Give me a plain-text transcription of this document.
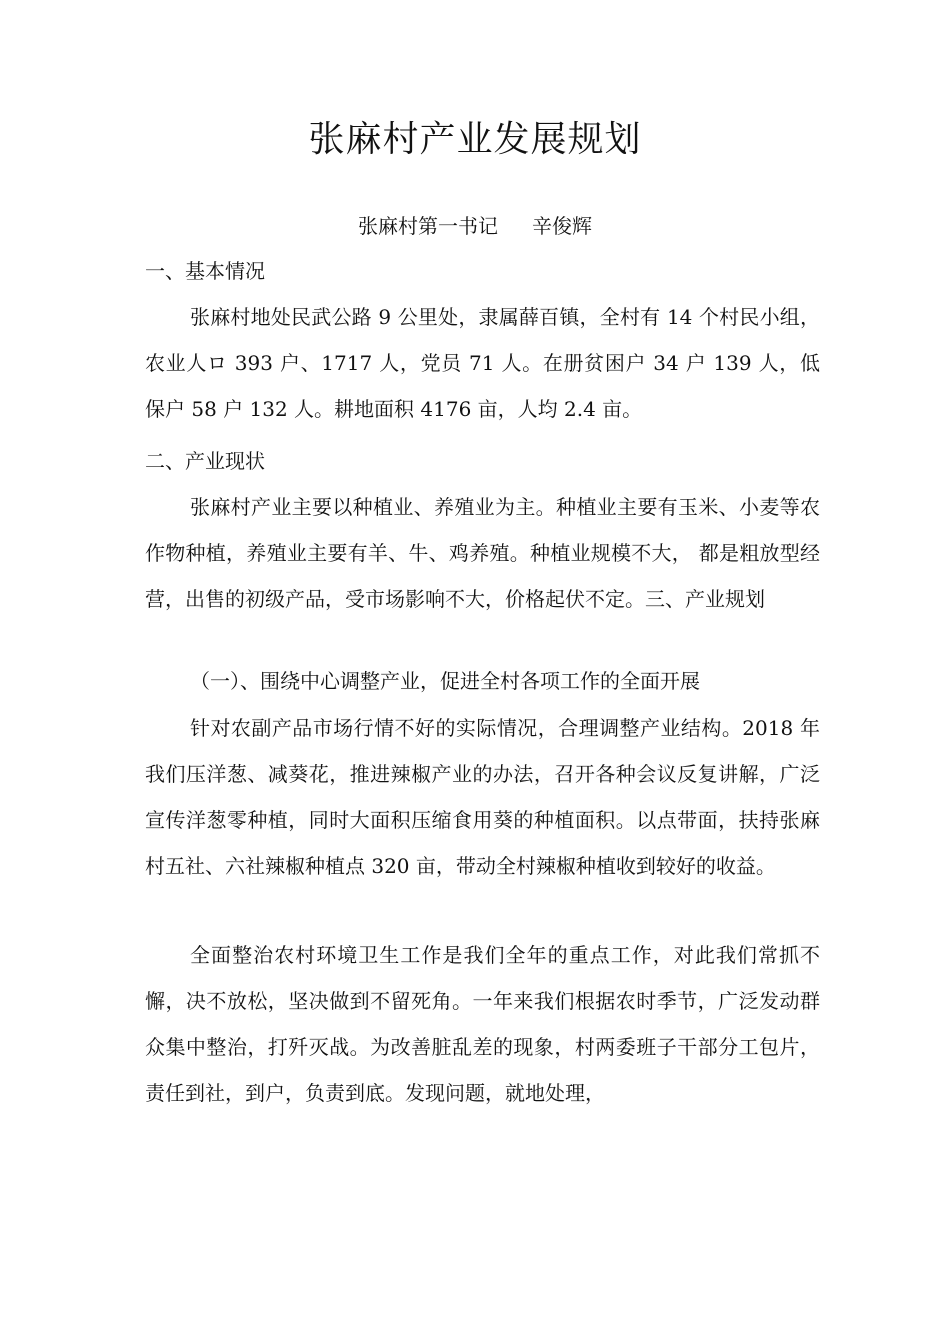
张麻村产业发展规划
张麻村第一书记 辛俊辉

一、基本情况

张麻村地处民武公路 9 公里处，隶属薛百镇，全村有 14 个村民小组，农业人ロ 393 户、1717 人，党员 71 人。在册贫困户 34 户 139 人，低保户 58 户 132 人。耕地面积 4176 亩，人均 2.4 亩。

二、产业现状

张麻村产业主要以种植业、养殖业为主。种植业主要有玉米、小麦等农作物种植，养殖业主要有羊、牛、鸡养殖。种植业规模不大， 都是粗放型经营，出售的初级产品，受市场影响不大，价格起伏不定。三、产业规划

（一）、围绕中心调整产业，促进全村各项工作的全面开展

针对农副产品市场行情不好的实际情况，合理调整产业结构。2018 年我们压洋葱、减葵花，推进辣椒产业的办法，召开各种会议反复讲解，广泛宣传洋葱零种植，同时大面积压缩食用葵的种植面积。以点带面，扶持张麻村五社、六社辣椒种植点 320 亩，带动全村辣椒种植收到较好的收益。

全面整治农村环境卫生工作是我们全年的重点工作，对此我们常抓不懈，决不放松，坚决做到不留死角。一年来我们根据农时季节，广泛发动群众集中整治，打歼灭战。为改善脏乱差的现象，村两委班子干部分工包片，责任到社，到户，负责到底。发现问题，就地处理，
